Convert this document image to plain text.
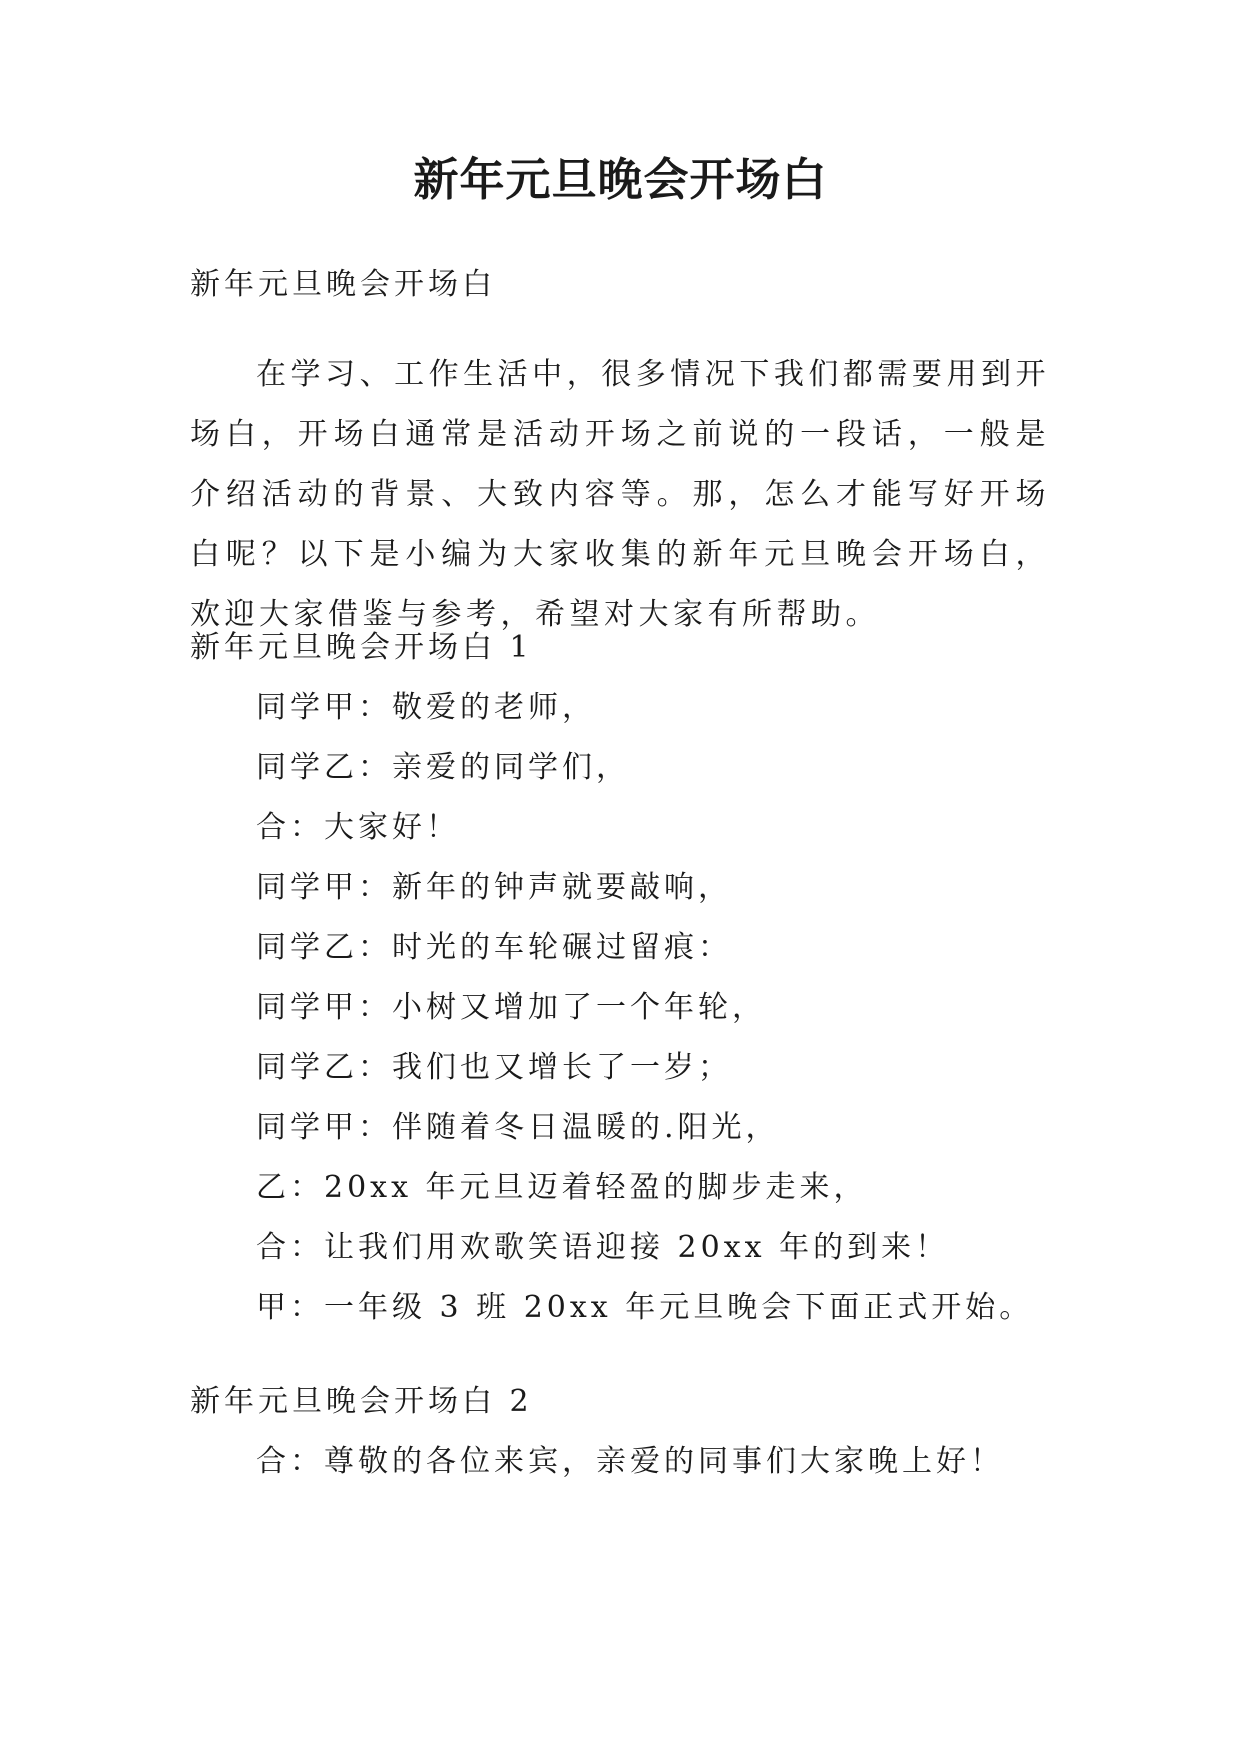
新年元旦晚会开场白
新年元旦晚会开场白

在学习、工作生活中，很多情况下我们都需要用到开场白，开场白通常是活动开场之前说的一段话，一般是介绍活动的背景、大致内容等。那，怎么才能写好开场白呢？以下是小编为大家收集的新年元旦晚会开场白，欢迎大家借鉴与参考，希望对大家有所帮助。

新年元旦晚会开场白 1
同学甲：敬爱的老师，
同学乙：亲爱的同学们，
合：大家好！
同学甲：新年的钟声就要敲响，
同学乙：时光的车轮碾过留痕：
同学甲：小树又增加了一个年轮，
同学乙：我们也又增长了一岁；
同学甲：伴随着冬日温暖的.阳光，
乙：20xx 年元旦迈着轻盈的脚步走来，
合：让我们用欢歌笑语迎接 20xx 年的到来！
甲：一年级 3 班 20xx 年元旦晚会下面正式开始。
新年元旦晚会开场白 2
合：尊敬的各位来宾，亲爱的同事们大家晚上好！
